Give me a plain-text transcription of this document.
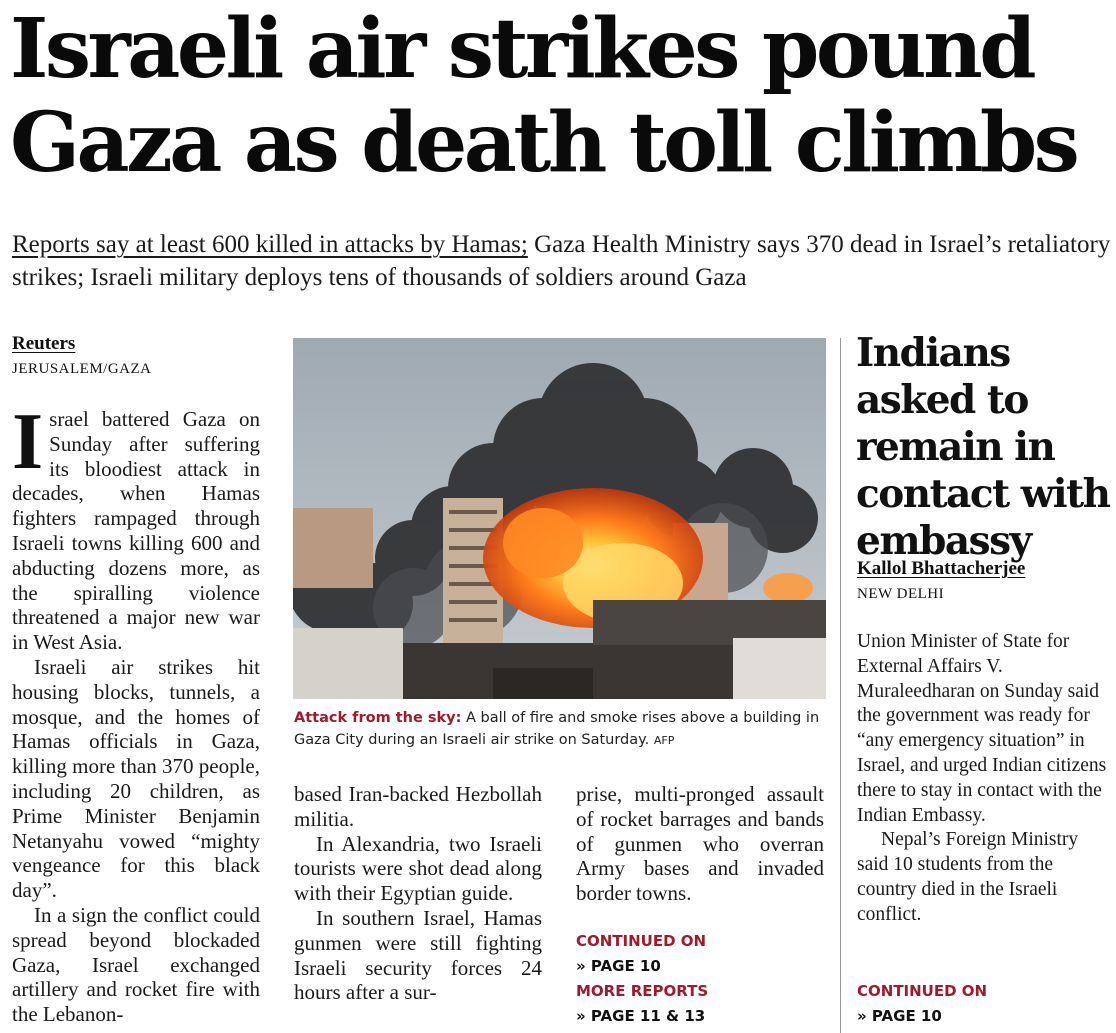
Israeli air strikes pound
Gaza as death toll climbs
Reports say at least 600 killed in attacks by Hamas; Gaza Health Ministry says 370 dead in Israel’s retaliatory strikes; Israeli military deploys tens of thousands of soldiers around Gaza
Reuters
JERUSALEM/GAZA

Israel battered Gaza on Sunday after suffering its bloodiest attack in decades, when Hamas fighters rampaged through Israeli towns killing 600 and abducting dozens more, as the spiralling violence threatened a major new war in West Asia.

Israeli air strikes hit housing blocks, tunnels, a mosque, and the homes of Hamas officials in Gaza, killing more than 370 people, including 20 children, as Prime Minister Benjamin Netanyahu vowed “mighty vengeance for this black day”.

In a sign the conflict could spread beyond blockaded Gaza, Israel exchanged artillery and rocket fire with the Lebanon-

Attack from the sky: A ball of fire and smoke rises above a building in Gaza City during an Israeli air strike on Saturday. AFP

based Iran-backed Hezbollah militia.

In Alexandria, two Israeli tourists were shot dead along with their Egyptian guide.

In southern Israel, Hamas gunmen were still fighting Israeli security forces 24 hours after a sur-

prise, multi-pronged assault of rocket barrages and bands of gunmen who overran Army bases and invaded border towns.

CONTINUED ON
» PAGE 10
MORE REPORTS
» PAGE 11 & 13
Indians asked to remain in contact with embassy
Kallol Bhattacherjee
NEW DELHI

Union Minister of State for External Affairs V. Muraleedharan on Sunday said the government was ready for “any emergency situation” in Israel, and urged Indian citizens there to stay in contact with the Indian Embassy.

Nepal’s Foreign Ministry said 10 students from the country died in the Israeli conflict.

CONTINUED ON
» PAGE 10
